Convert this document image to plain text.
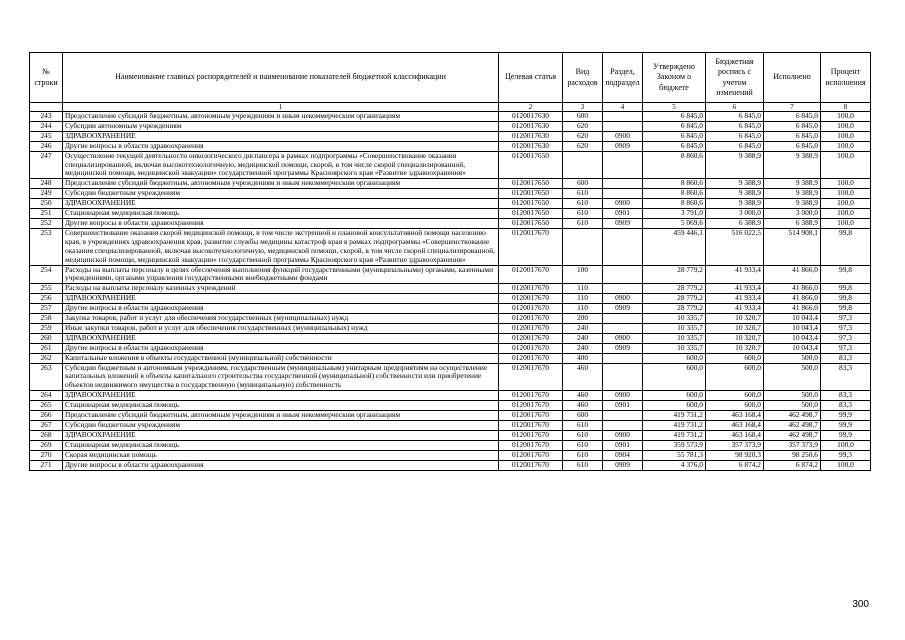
№ строки	Наименование главных распорядителей и наименование показателей бюджетной классификации	Целевая статья	Вид расходов	Раздел, подраздел	Утверждено Законом о бюджете	Бюджетная роспись с учетом изменений	Исполнено	Процент исполнения
	1	2	3	4	5	6	7	8
243	Предоставление субсидий бюджетным, автономным учреждениям и иным некоммерческим организациям	0120017630	600		6 845,0	6 845,0	6 845,0	100,0
244	Субсидии автономным учреждениям	0120017630	620		6 845,0	6 845,0	6 845,0	100,0
245	ЗДРАВООХРАНЕНИЕ	0120017630	620	0900	6 845,0	6 845,0	6 845,0	100,0
246	Другие вопросы в области здравоохранения	0120017630	620	0909	6 845,0	6 845,0	6 845,0	100,0
247	Осуществление текущей деятельности онкологического диспансера в рамках подпрограммы «Совершенствование оказания специализированной, включая высокотехнологичную, медицинской помощи, скорой, в том числе скорой специализированной, медицинской помощи, медицинской эвакуации» государственной программы Красноярского края «Развитие здравоохранения»	0120017650			8 860,6	9 388,9	9 388,9	100,0
248	Предоставление субсидий бюджетным, автономным учреждениям и иным некоммерческим организациям	0120017650	600		8 860,6	9 388,9	9 388,9	100,0
249	Субсидии бюджетным учреждениям	0120017650	610		8 860,6	9 388,9	9 388,9	100,0
250	ЗДРАВООХРАНЕНИЕ	0120017650	610	0900	8 860,6	9 388,9	9 388,9	100,0
251	Стационарная медицинская помощь	0120017650	610	0901	3 791,0	3 000,0	3 000,0	100,0
252	Другие вопросы в области здравоохранения	0120017650	610	0909	5 069,6	6 388,9	6 388,9	100,0
253	Совершенствование оказания скорой медицинской помощи, в том числе экстренной и плановой консультативной помощи населению края, в учреждениях здравоохранения края, развитие службы медицины катастроф края в рамках подпрограммы «Совершенствование оказания специализированной, включая высокотехнологичную, медицинской помощи, скорой, в том числе скорой специализированной, медицинской помощи, медицинской эвакуации» государственной программы Красноярского края «Развитие здравоохранения»	0120017670			459 446,1	516 022,5	514 908,1	99,8
254	Расходы на выплаты персоналу в целях обеспечения выполнения функций государственными (муниципальными) органами, казенными учреждениями, органами управления государственными внебюджетными фондами	0120017670	100		28 779,2	41 933,4	41 866,0	99,8
255	Расходы на выплаты персоналу казенных учреждений	0120017670	110		28 779,2	41 933,4	41 866,0	99,8
256	ЗДРАВООХРАНЕНИЕ	0120017670	110	0900	28 779,2	41 933,4	41 866,0	99,8
257	Другие вопросы в области здравоохранения	0120017670	110	0909	28 779,2	41 933,4	41 866,0	99,8
258	Закупка товаров, работ и услуг для обеспечения государственных (муниципальных) нужд	0120017670	200		10 335,7	10 320,7	10 043,4	97,3
259	Иные закупки товаров, работ и услуг для обеспечения государственных (муниципальных) нужд	0120017670	240		10 335,7	10 320,7	10 043,4	97,3
260	ЗДРАВООХРАНЕНИЕ	0120017670	240	0900	10 335,7	10 320,7	10 043,4	97,3
261	Другие вопросы в области здравоохранения	0120017670	240	0909	10 335,7	10 320,7	10 043,4	97,3
262	Капитальные вложения в объекты государственной (муниципальной) собственности	0120017670	400		600,0	600,0	500,0	83,3
263	Субсидии бюджетным и автономным учреждениям, государственным (муниципальным) унитарным предприятиям на осуществление капитальных вложений в объекты капитального строительства государственной (муниципальной) собственности или приобретение объектов недвижимого имущества в государственную (муниципальную) собственность	0120017670	460		600,0	600,0	500,0	83,3
264	ЗДРАВООХРАНЕНИЕ	0120017670	460	0900	600,0	600,0	500,0	83,3
265	Стационарная медицинская помощь	0120017670	460	0901	600,0	600,0	500,0	83,3
266	Предоставление субсидий бюджетным, автономным учреждениям и иным некоммерческим организациям	0120017670	600		419 731,2	463 168,4	462 498,7	99,9
267	Субсидии бюджетным учреждениям	0120017670	610		419 731,2	463 168,4	462 498,7	99,9
268	ЗДРАВООХРАНЕНИЕ	0120017670	610	0900	419 731,2	463 168,4	462 498,7	99,9
269	Стационарная медицинская помощь	0120017670	610	0901	359 573,9	357 373,9	357 373,9	100,0
270	Скорая медицинская помощь	0120017670	610	0904	55 781,3	98 920,3	98 250,6	99,3
271	Другие вопросы в области здравоохранения	0120017670	610	0909	4 376,0	6 874,2	6 874,2	100,0
300
